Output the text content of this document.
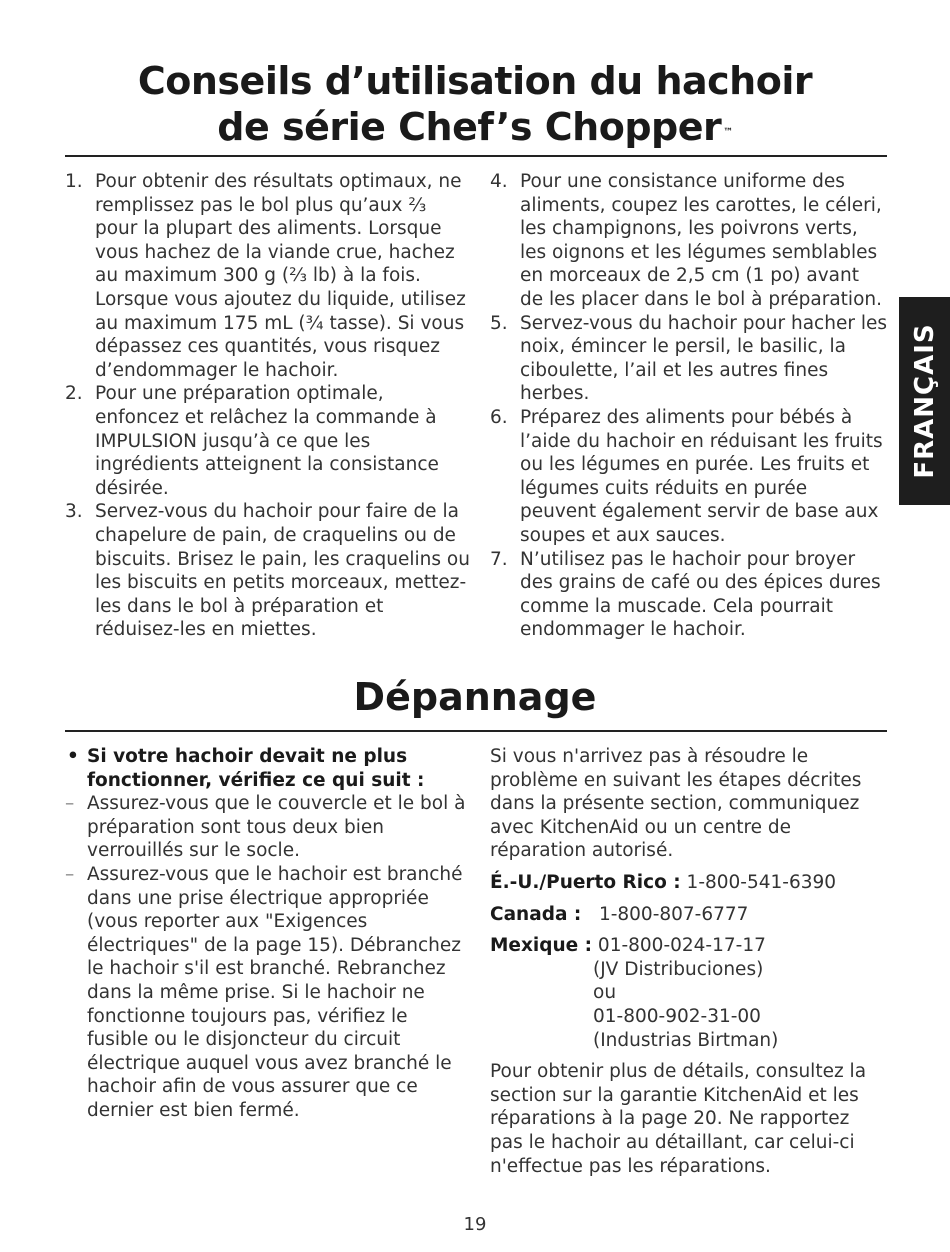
Conseils d’utilisation du hachoir
de série Chef’s Chopper ™
1. Pour obtenir des résultats optimaux, ne remplissez pas le bol plus qu’aux ⅔ pour la plupart des aliments. Lorsque vous hachez de la viande crue, hachez au maximum 300 g (⅔ lb) à la fois. Lorsque vous ajoutez du liquide, utilisez au maximum 175 mL (¾ tasse). Si vous dépassez ces quantités, vous risquez d’endommager le hachoir.
2. Pour une préparation optimale, enfoncez et relâchez la commande à IMPULSION jusqu’à ce que les ingrédients atteignent la consistance désirée.
3. Servez-vous du hachoir pour faire de la chapelure de pain, de craquelins ou de biscuits. Brisez le pain, les craquelins ou les biscuits en petits morceaux, mettez-les dans le bol à préparation et réduisez-les en miettes.
4. Pour une consistance uniforme des aliments, coupez les carottes, le céleri, les champignons, les poivrons verts, les oignons et les légumes semblables en morceaux de 2,5 cm (1 po) avant de les placer dans le bol à préparation.
5. Servez-vous du hachoir pour hacher les noix, émincer le persil, le basilic, la ciboulette, l’ail et les autres fines herbes.
6. Préparez des aliments pour bébés à l’aide du hachoir en réduisant les fruits ou les légumes en purée. Les fruits et légumes cuits réduits en purée peuvent également servir de base aux soupes et aux sauces.
7. N’utilisez pas le hachoir pour broyer des grains de café ou des épices dures comme la muscade. Cela pourrait endommager le hachoir.
FRANÇAIS
Dépannage
• Si votre hachoir devait ne plus fonctionner, vérifiez ce qui suit :
– Assurez-vous que le couvercle et le bol à préparation sont tous deux bien verrouillés sur le socle.
– Assurez-vous que le hachoir est branché dans une prise électrique appropriée (vous reporter aux "Exigences électriques" de la page 15). Débranchez le hachoir s'il est branché. Rebranchez dans la même prise. Si le hachoir ne fonctionne toujours pas, vérifiez le fusible ou le disjoncteur du circuit électrique auquel vous avez branché le hachoir afin de vous assurer que ce dernier est bien fermé.
Si vous n'arrivez pas à résoudre le problème en suivant les étapes décrites dans la présente section, communiquez avec KitchenAid ou un centre de réparation autorisé.
É.-U./Puerto Rico : 1-800-541-6390
Canada : 1-800-807-6777
Mexique : 01-800-024-17-17
(JV Distribuciones)
ou
01-800-902-31-00
(Industrias Birtman)
Pour obtenir plus de détails, consultez la section sur la garantie KitchenAid et les réparations à la page 20. Ne rapportez pas le hachoir au détaillant, car celui-ci n'effectue pas les réparations.
19
